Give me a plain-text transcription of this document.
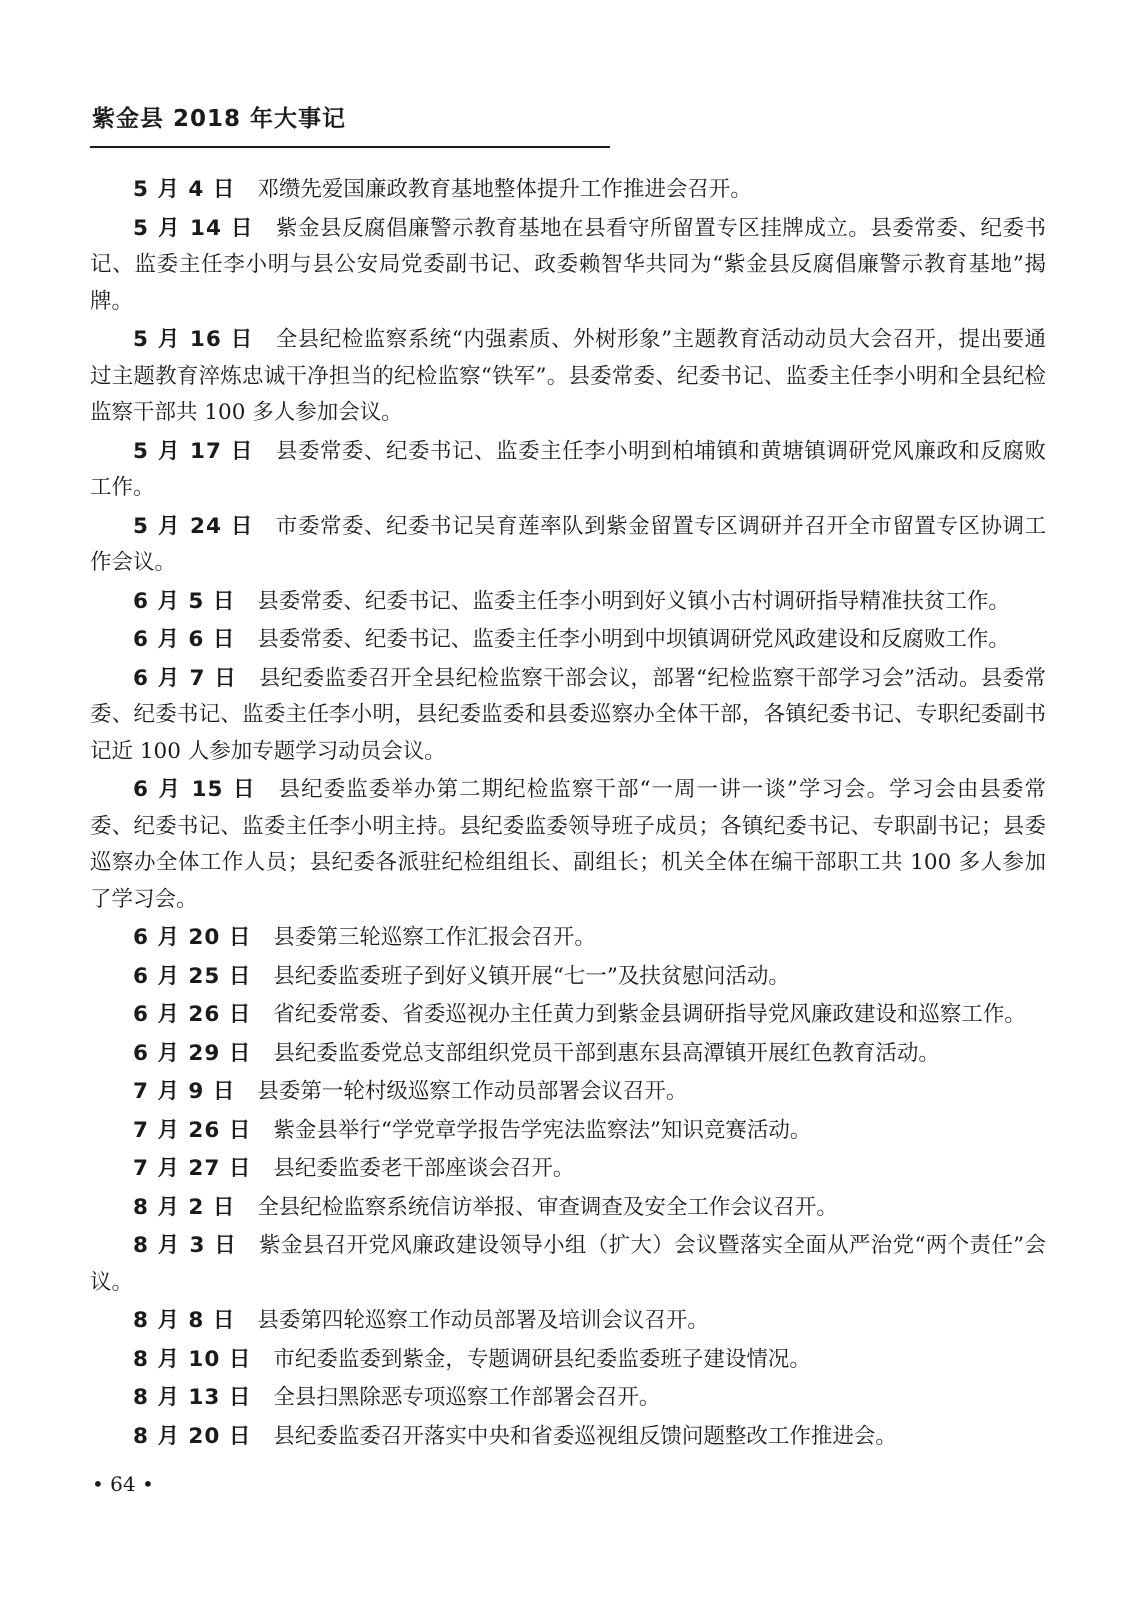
紫金县 2018 年大事记

5 月 4 日 邓缵先爱国廉政教育基地整体提升工作推进会召开。

5 月 14 日 紫金县反腐倡廉警示教育基地在县看守所留置专区挂牌成立。县委常委、纪委书记、监委主任李小明与县公安局党委副书记、政委赖智华共同为“紫金县反腐倡廉警示教育基地”揭牌。

5 月 16 日 全县纪检监察系统“内强素质、外树形象”主题教育活动动员大会召开，提出要通过主题教育淬炼忠诚干净担当的纪检监察“铁军”。县委常委、纪委书记、监委主任李小明和全县纪检监察干部共 100 多人参加会议。

5 月 17 日 县委常委、纪委书记、监委主任李小明到柏埔镇和黄塘镇调研党风廉政和反腐败工作。

5 月 24 日 市委常委、纪委书记吴育莲率队到紫金留置专区调研并召开全市留置专区协调工作会议。

6 月 5 日 县委常委、纪委书记、监委主任李小明到好义镇小古村调研指导精准扶贫工作。

6 月 6 日 县委常委、纪委书记、监委主任李小明到中坝镇调研党风政建设和反腐败工作。

6 月 7 日 县纪委监委召开全县纪检监察干部会议，部署“纪检监察干部学习会”活动。县委常委、纪委书记、监委主任李小明，县纪委监委和县委巡察办全体干部，各镇纪委书记、专职纪委副书记近 100 人参加专题学习动员会议。

6 月 15 日 县纪委监委举办第二期纪检监察干部“一周一讲一谈”学习会。学习会由县委常委、纪委书记、监委主任李小明主持。县纪委监委领导班子成员；各镇纪委书记、专职副书记；县委巡察办全体工作人员；县纪委各派驻纪检组组长、副组长；机关全体在编干部职工共 100 多人参加了学习会。

6 月 20 日 县委第三轮巡察工作汇报会召开。

6 月 25 日 县纪委监委班子到好义镇开展“七一”及扶贫慰问活动。

6 月 26 日 省纪委常委、省委巡视办主任黄力到紫金县调研指导党风廉政建设和巡察工作。

6 月 29 日 县纪委监委党总支部组织党员干部到惠东县高潭镇开展红色教育活动。

7 月 9 日 县委第一轮村级巡察工作动员部署会议召开。

7 月 26 日 紫金县举行“学党章学报告学宪法监察法”知识竞赛活动。

7 月 27 日 县纪委监委老干部座谈会召开。

8 月 2 日 全县纪检监察系统信访举报、审查调查及安全工作会议召开。

8 月 3 日 紫金县召开党风廉政建设领导小组（扩大）会议暨落实全面从严治党“两个责任”会议。

8 月 8 日 县委第四轮巡察工作动员部署及培训会议召开。

8 月 10 日 市纪委监委到紫金，专题调研县纪委监委班子建设情况。

8 月 13 日 全县扫黑除恶专项巡察工作部署会召开。

8 月 20 日 县纪委监委召开落实中央和省委巡视组反馈问题整改工作推进会。

• 64 •
